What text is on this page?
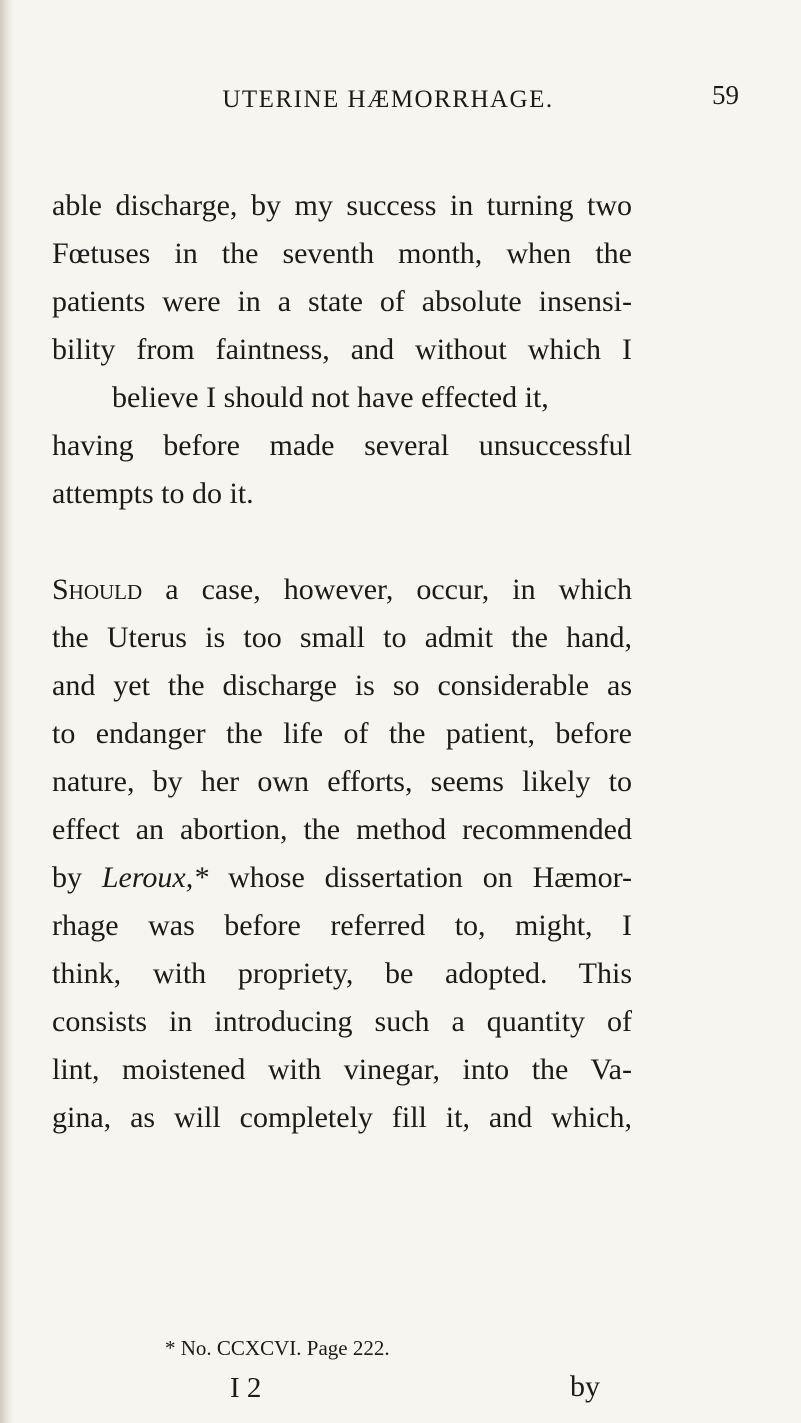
UTERINE HÆMORRHAGE.	59
able discharge, by my success in turning two
Fœtuses in the seventh month, when the
patients were in a state of absolute insensi-
bility from faintness, and without which I
believe I should not have effected it,
having before made several unsuccessful
attempts to do it.
Should a case, however, occur, in which
the Uterus is too small to admit the hand,
and yet the discharge is so considerable as
to endanger the life of the patient, before
nature, by her own efforts, seems likely to
effect an abortion, the method recommended
by Leroux,* whose dissertation on Hæmor-
rhage was before referred to, might, I
think, with propriety, be adopted. This
consists in introducing such a quantity of
lint, moistened with vinegar, into the Va-
gina, as will completely fill it, and which,
* No. CCXCVI. Page 222.
I 2	by
